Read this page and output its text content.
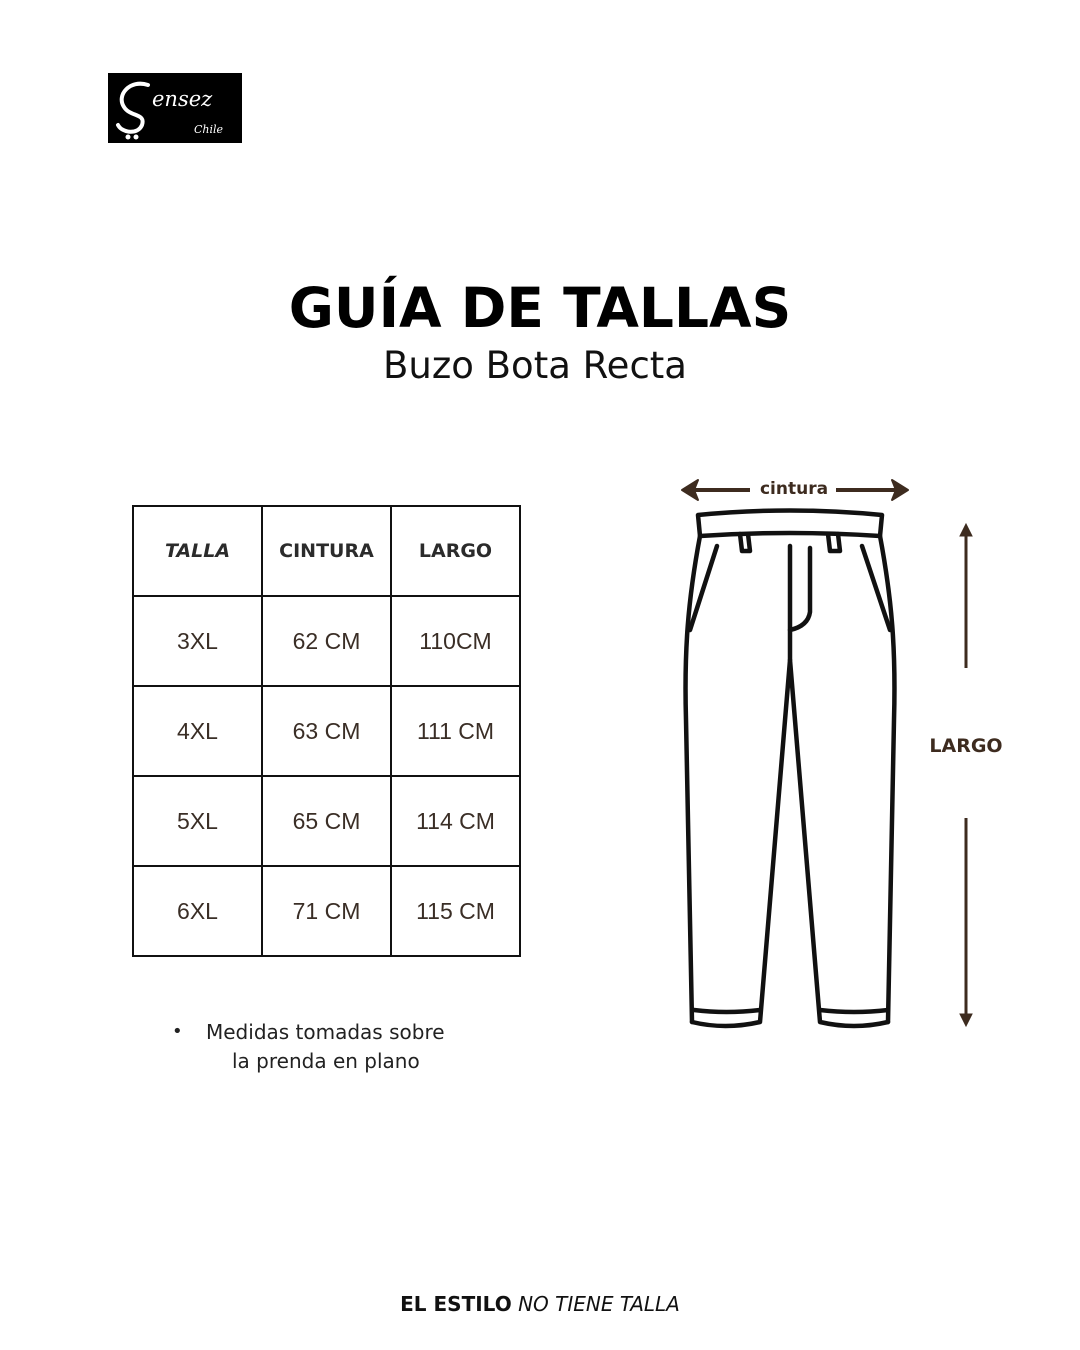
ensez
Chile
GUÍA DE TALLAS
Buzo Bota Recta
TALLA	CINTURA	LARGO
3XL	62 CM	110CM
4XL	63 CM	111 CM
5XL	65 CM	114 CM
6XL	71 CM	115 CM
• Medidas tomadas sobre
la prenda en plano
cintura
LARGO
EL ESTILO NO TIENE TALLA
